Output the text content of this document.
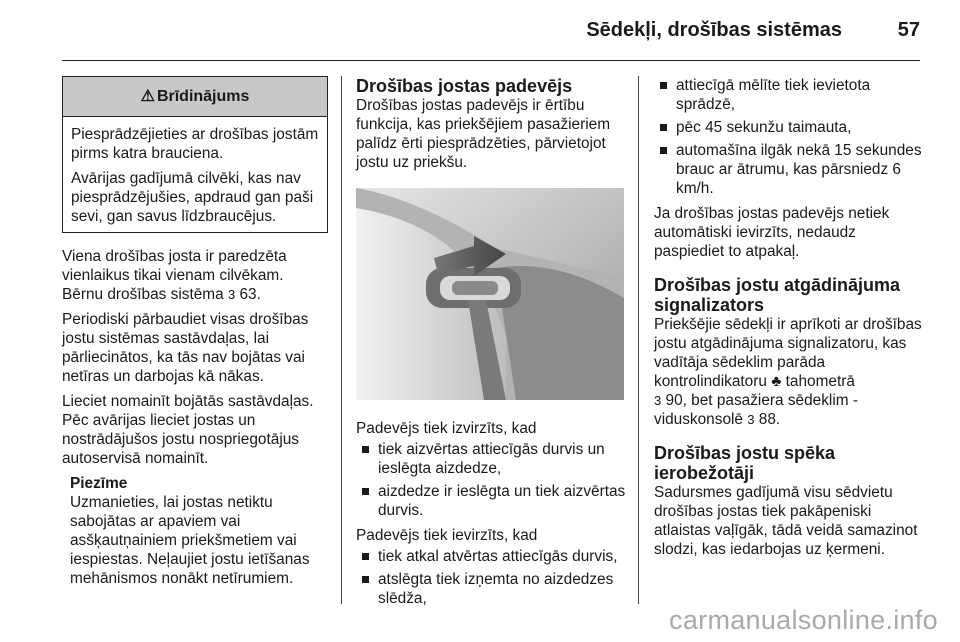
Sēdekļi, drošības sistēmas	57
⚠ Brīdinājums

Piesprādzējieties ar drošības jostām pirms katra brauciena.

Avārijas gadījumā cilvēki, kas nav piesprādzējušies, apdraud gan paši sevi, gan savus līdzbraucējus.

Viena drošības josta ir paredzēta vienlaikus tikai vienam cilvēkam. Bērnu drošības sistēma 3 63.

Periodiski pārbaudiet visas drošības jostu sistēmas sastāvdaļas, lai pārliecinātos, ka tās nav bojātas vai netīras un darbojas kā nākas.

Lieciet nomainīt bojātās sastāvdaļas. Pēc avārijas lieciet jostas un nostrādājušos jostu nospriegotājus autoservisā nomainīt.

Piezīme
Uzmanieties, lai jostas netiktu sabojātas ar apaviem vai asšķautņainiem priekšmetiem vai iespiestas. Neļaujiet jostu ietīšanas mehānismos nonākt netīrumiem.
Drošības jostas padevējs

Drošības jostas padevējs ir ērtību funkcija, kas priekšējiem pasažieriem palīdz ērti piesprādzēties, pārvietojot jostu uz priekšu.

Padevējs tiek izvirzīts, kad

tiek aizvērtas attiecīgās durvis un ieslēgta aizdedze,
aizdedze ir ieslēgta un tiek aizvērtas durvis.

Padevējs tiek ievirzīts, kad

tiek atkal atvērtas attiecīgās durvis,
atslēgta tiek izņemta no aizdedzes slēdža,
attiecīgā mēlīte tiek ievietota sprādzē,
pēc 45 sekunžu taimauta,
automašīna ilgāk nekā 15 sekundes brauc ar ātrumu, kas pārsniedz 6 km/h.

Ja drošības jostas padevējs netiek automātiski ievirzīts, nedaudz paspiediet to atpakaļ.

Drošības jostu atgādinājuma signalizators

Priekšējie sēdekļi ir aprīkoti ar drošības jostu atgādinājuma signalizatoru, kas vadītāja sēdeklim parāda kontrolindikatoru ♣ tahometrā
3 90, bet pasažiera sēdeklim - viduskonsolē 3 88.

Drošības jostu spēka ierobežotāji

Sadursmes gadījumā visu sēdvietu drošības jostas tiek pakāpeniski atlaistas vaļīgāk, tādā veidā samazinot slodzi, kas iedarbojas uz ķermeni.

carmanualsonline.info
